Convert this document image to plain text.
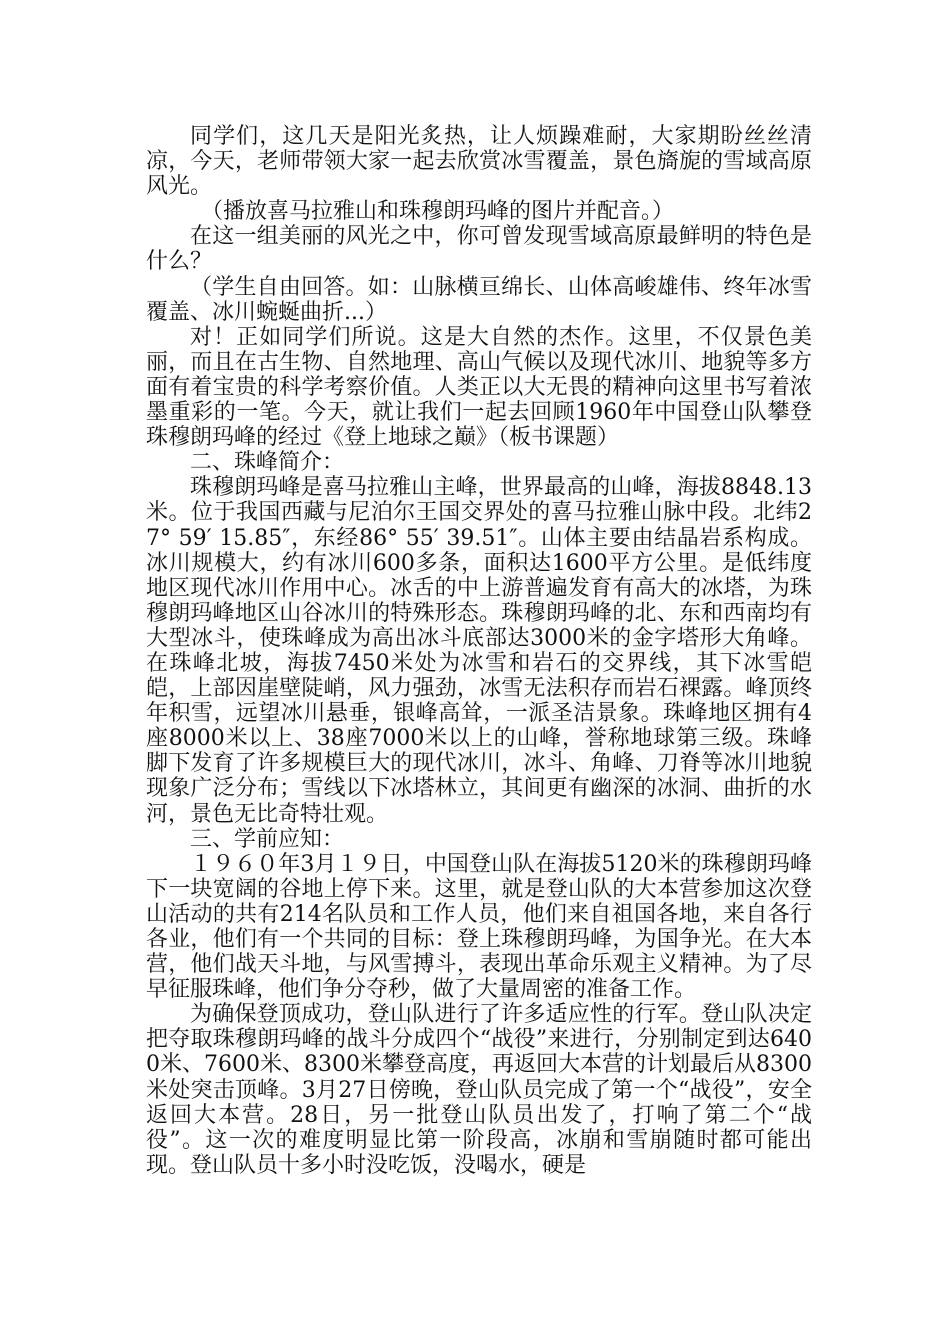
同学们，这几天是阳光炙热，让人烦躁难耐，大家期盼丝丝清凉，今天，老师带领大家一起去欣赏冰雪覆盖，景色旖旎的雪域高原风光。

（播放喜马拉雅山和珠穆朗玛峰的图片并配音。）

在这一组美丽的风光之中，你可曾发现雪域高原最鲜明的特色是什么？

（学生自由回答。如：山脉横亘绵长、山体高峻雄伟、终年冰雪覆盖、冰川蜿蜒曲折...）

对！正如同学们所说。这是大自然的杰作。这里，不仅景色美丽，而且在古生物、自然地理、高山气候以及现代冰川、地貌等多方面有着宝贵的科学考察价值。人类正以大无畏的精神向这里书写着浓墨重彩的一笔。今天，就让我们一起去回顾1960年中国登山队攀登珠穆朗玛峰的经过《登上地球之巅》（板书课题）

二、珠峰简介：

珠穆朗玛峰是喜马拉雅山主峰，世界最高的山峰，海拔8848.13米。位于我国西藏与尼泊尔王国交界处的喜马拉雅山脉中段。北纬27° 59′ 15.85″，东经86° 55′ 39.51″。山体主要由结晶岩系构成。冰川规模大，约有冰川600多条，面积达1600平方公里。是低纬度地区现代冰川作用中心。冰舌的中上游普遍发育有高大的冰塔，为珠穆朗玛峰地区山谷冰川的特殊形态。珠穆朗玛峰的北、东和西南均有大型冰斗，使珠峰成为高出冰斗底部达3000米的金字塔形大角峰。在珠峰北坡，海拔7450米处为冰雪和岩石的交界线，其下冰雪皑皑，上部因崖壁陡峭，风力强劲，冰雪无法积存而岩石裸露。峰顶终年积雪，远望冰川悬垂，银峰高耸，一派圣洁景象。珠峰地区拥有4座8000米以上、38座7000米以上的山峰，誉称地球第三级。珠峰脚下发育了许多规模巨大的现代冰川，冰斗、角峰、刀脊等冰川地貌现象广泛分布；雪线以下冰塔林立，其间更有幽深的冰洞、曲折的水河，景色无比奇特壮观。

三、学前应知：

１９６０年3月１９日，中国登山队在海拔5120米的珠穆朗玛峰下一块宽阔的谷地上停下来。这里，就是登山队的大本营参加这次登山活动的共有214名队员和工作人员，他们来自祖国各地，来自各行各业，他们有一个共同的目标：登上珠穆朗玛峰，为国争光。在大本营，他们战天斗地，与风雪搏斗，表现出革命乐观主义精神。为了尽早征服珠峰，他们争分夺秒，做了大量周密的准备工作。

为确保登顶成功，登山队进行了许多适应性的行军。登山队决定把夺取珠穆朗玛峰的战斗分成四个“战役”来进行，分别制定到达6400米、7600米、8300米攀登高度，再返回大本营的计划最后从8300米处突击顶峰。3月27日傍晚，登山队员完成了第一个“战役”，安全返回大本营。28日，另一批登山队员出发了，打响了第二个“战役”。这一次的难度明显比第一阶段高，冰崩和雪崩随时都可能出现。登山队员十多小时没吃饭，没喝水，硬是
